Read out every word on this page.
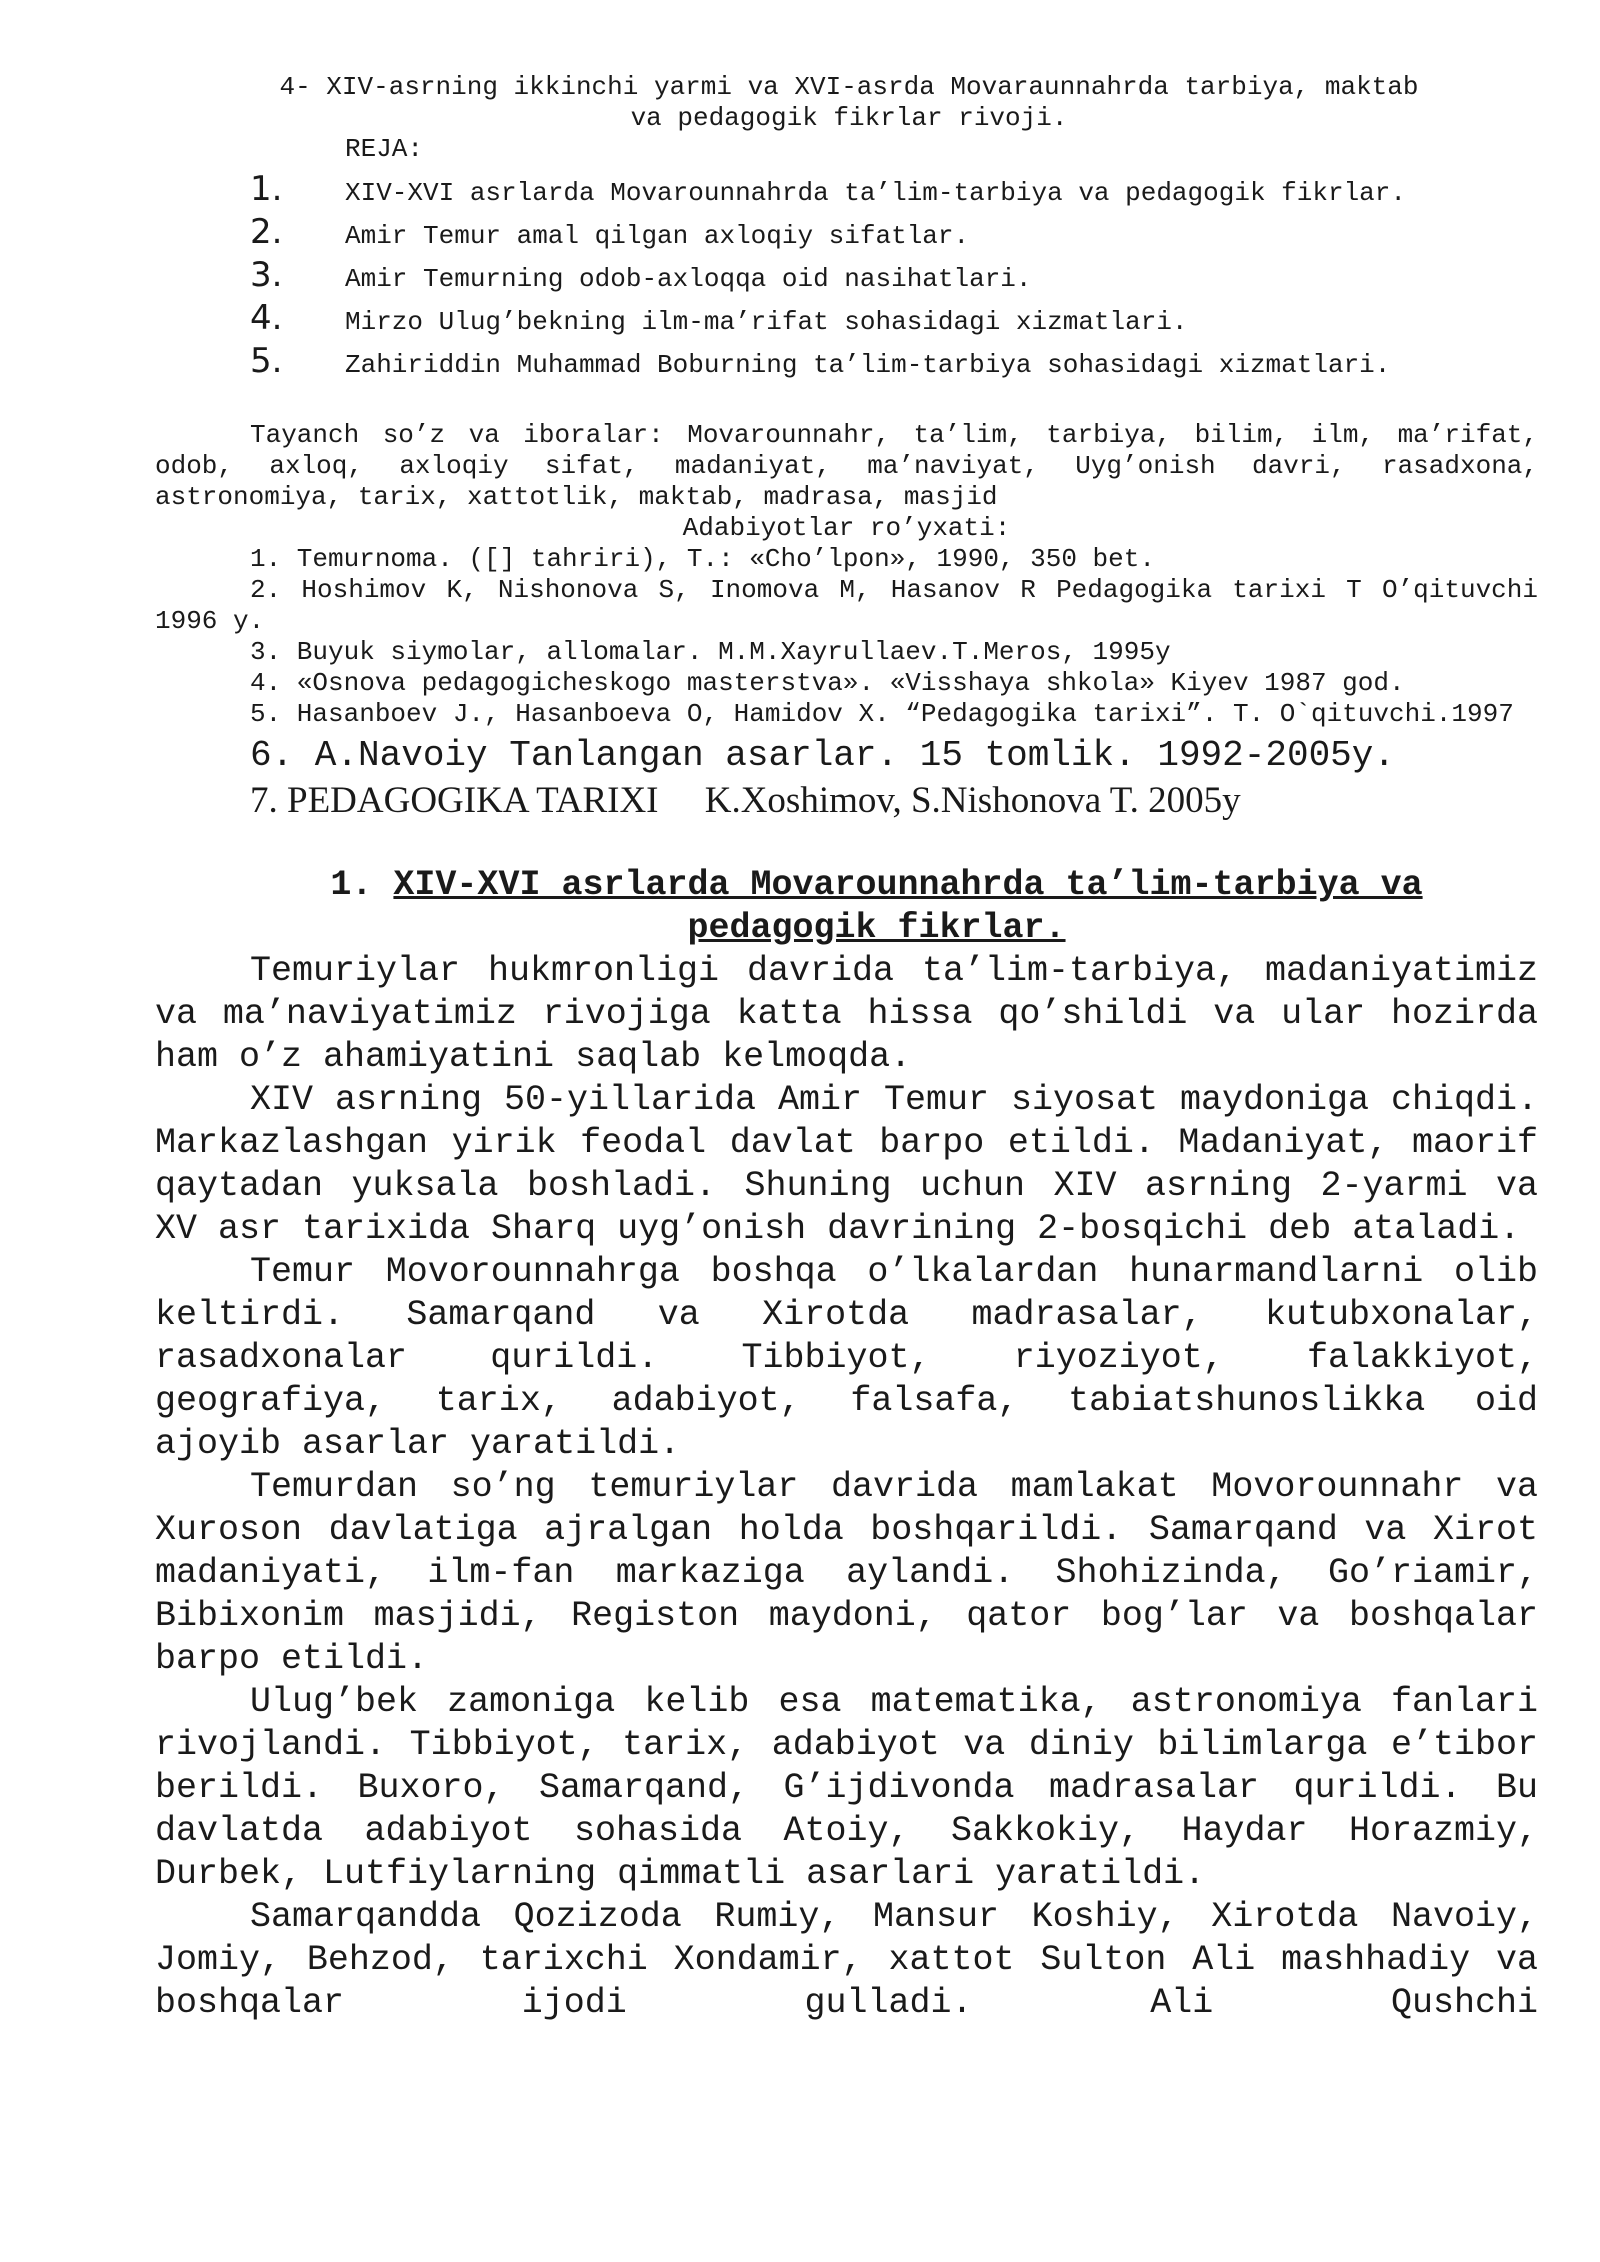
4- XIV-asrning ikkinchi yarmi va XVI-asrda Movaraunnahrda tarbiya, maktab va pedagogik fikrlar rivoji.
REJA:
1.	XIV-XVI asrlarda Movarounnahrda ta’lim-tarbiya va pedagogik fikrlar.
2.	Amir Temur amal qilgan axloqiy sifatlar.
3.	Amir Temurning odob-axloqqa oid nasihatlari.
4.	Mirzo Ulug’bekning ilm-ma’rifat sohasidagi xizmatlari.
5.	Zahiriddin Muhammad Boburning ta’lim-tarbiya sohasidagi xizmatlari.
Tayanch so’z va iboralar: Movarounnahr, ta’lim, tarbiya, bilim, ilm, ma’rifat, odob, axloq, axloqiy sifat, madaniyat, ma’naviyat, Uyg’onish davri, rasadxona, astronomiya, tarix, xattotlik, maktab, madrasa, masjid
Adabiyotlar ro’yxati:
1. Temurnoma. ([] tahriri), T.: «Cho’lpon», 1990, 350 bet.
2. Hoshimov K, Nishonova S, Inomova M, Hasanov R Pedagogika tarixi T O’qituvchi 1996 y.
3. Buyuk siymolar, allomalar. M.M.Xayrullaev.T.Meros, 1995y
4. «Osnova pedagogicheskogo masterstva». «Visshaya shkola» Kiyev 1987 god.
5. Hasanboev J., Hasanboeva O, Hamidov X. “Pedagogika tarixi”. T. O`qituvchi.1997
6. A.Navoiy Tanlangan asarlar. 15 tomlik. 1992-2005y.
7. PEDAGOGIKA TARIXI     K.Xoshimov, S.Nishonova T. 2005y
1. XIV-XVI asrlarda Movarounnahrda ta’lim-tarbiya va pedagogik fikrlar.

Temuriylar hukmronligi davrida ta’lim-tarbiya, madaniyatimiz va ma’naviyatimiz rivojiga katta hissa qo’shildi va ular hozirda ham o’z ahamiyatini saqlab kelmoqda.

XIV asrning 50-yillarida Amir Temur siyosat maydoniga chiqdi. Markazlashgan yirik feodal davlat barpo etildi. Madaniyat, maorif qaytadan yuksala boshladi. Shuning uchun XIV asrning 2-yarmi va XV asr tarixida Sharq uyg’onish davrining 2-bosqichi deb ataladi.

Temur Movorounnahrga boshqa o’lkalardan hunarmandlarni olib keltirdi. Samarqand va Xirotda madrasalar, kutubxonalar, rasadxonalar qurildi. Tibbiyot, riyoziyot, falakkiyot, geografiya, tarix, adabiyot, falsafa, tabiatshunoslikka oid ajoyib asarlar yaratildi.

Temurdan so’ng temuriylar davrida mamlakat Movorounnahr va Xuroson davlatiga ajralgan holda boshqarildi. Samarqand va Xirot madaniyati, ilm-fan markaziga aylandi. Shohizinda, Go’riamir, Bibixonim masjidi, Registon maydoni, qator bog’lar va boshqalar barpo etildi.

Ulug’bek zamoniga kelib esa matematika, astronomiya fanlari rivojlandi. Tibbiyot, tarix, adabiyot va diniy bilimlarga e’tibor berildi. Buxoro, Samarqand, G’ijdivonda madrasalar qurildi. Bu davlatda adabiyot sohasida Atoiy, Sakkokiy, Haydar Horazmiy, Durbek, Lutfiylarning qimmatli asarlari yaratildi.

Samarqandda Qozizoda Rumiy, Mansur Koshiy, Xirotda Navoiy, Jomiy, Behzod, tarixchi Xondamir, xattot Sulton Ali mashhadiy va boshqalar ijodi gulladi. Ali Qushchi
